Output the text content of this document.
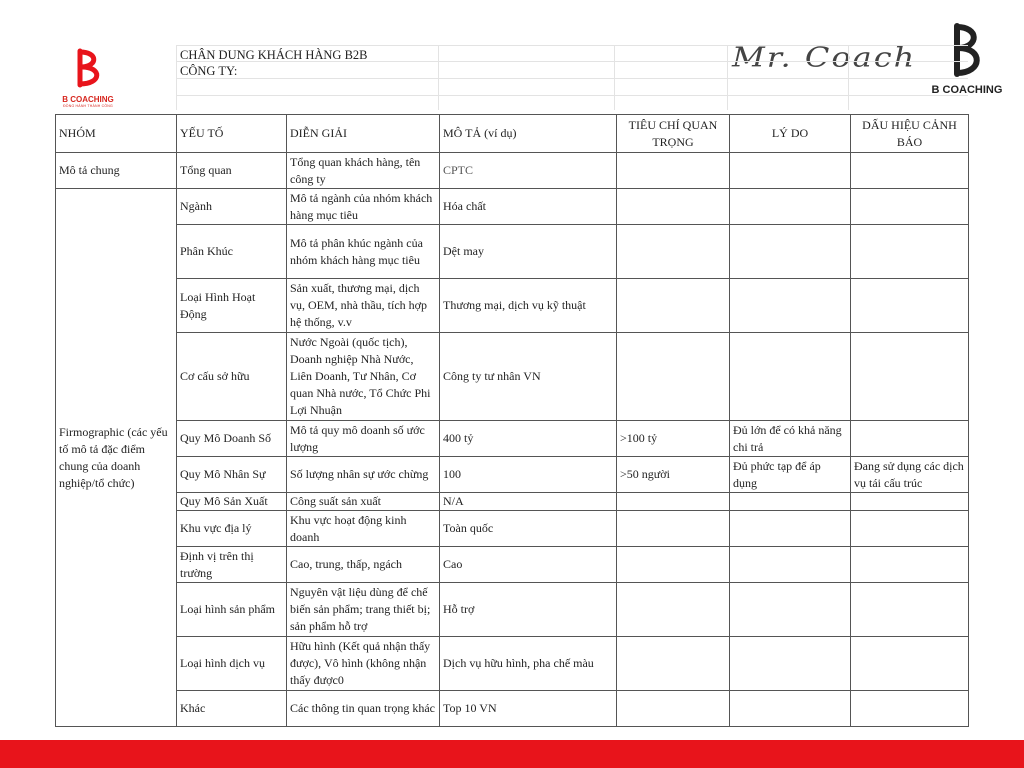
B COACHING
ĐỒNG HÀNH THÀNH CÔNG
Mr. Coach
B COACHING
CHÂN DUNG KHÁCH HÀNG B2B
CÔNG TY:
NHÓM	YẾU TỐ	DIỄN GIẢI	MÔ TẢ (ví dụ)	TIÊU CHÍ QUAN TRỌNG	LÝ DO	DẤU HIỆU CẢNH BÁO
Mô tả chung	Tổng quan	Tổng quan khách hàng, tên công ty	CPTC			
Firmographic (các yếu tố mô tả đặc điểm chung của doanh nghiệp/tổ chức)	Ngành	Mô tả ngành của nhóm khách hàng mục tiêu	Hóa chất			
	Phân Khúc	Mô tả phân khúc ngành của nhóm khách hàng mục tiêu	Dệt may			
	Loại Hình Hoạt Động	Sản xuất, thương mại, dịch vụ, OEM, nhà thầu, tích hợp hệ thống, v.v	Thương mại, dịch vụ kỹ thuật			
	Cơ cấu sở hữu	Nước Ngoài (quốc tịch), Doanh nghiệp Nhà Nước, Liên Doanh, Tư Nhân, Cơ quan Nhà nước, Tổ Chức Phi Lợi Nhuận	Công ty tư nhân VN			
	Quy Mô Doanh Số	Mô tả quy mô doanh số ước lượng	400 tỷ	>100 tỷ	Đủ lớn để có khả năng chi trả	
	Quy Mô Nhân Sự	Số lượng nhân sự ước chừng	100	>50 người	Đủ phức tạp để áp dụng	Đang sử dụng các dịch vụ tái cấu trúc
	Quy Mô Sản Xuất	Công suất sản xuất	N/A			
	Khu vực địa lý	Khu vực hoạt động kinh doanh	Toàn quốc			
	Định vị trên thị trường	Cao, trung, thấp, ngách	Cao			
	Loại hình sản phẩm	Nguyên vật liệu dùng để chế biến sản phẩm; trang thiết bị; sản phẩm hỗ trợ	Hỗ trợ			
	Loại hình dịch vụ	Hữu hình (Kết quả nhận thấy được), Vô hình (không nhận thấy được0	Dịch vụ hữu hình, pha chế màu			
	Khác	Các thông tin quan trọng khác	Top 10 VN			
